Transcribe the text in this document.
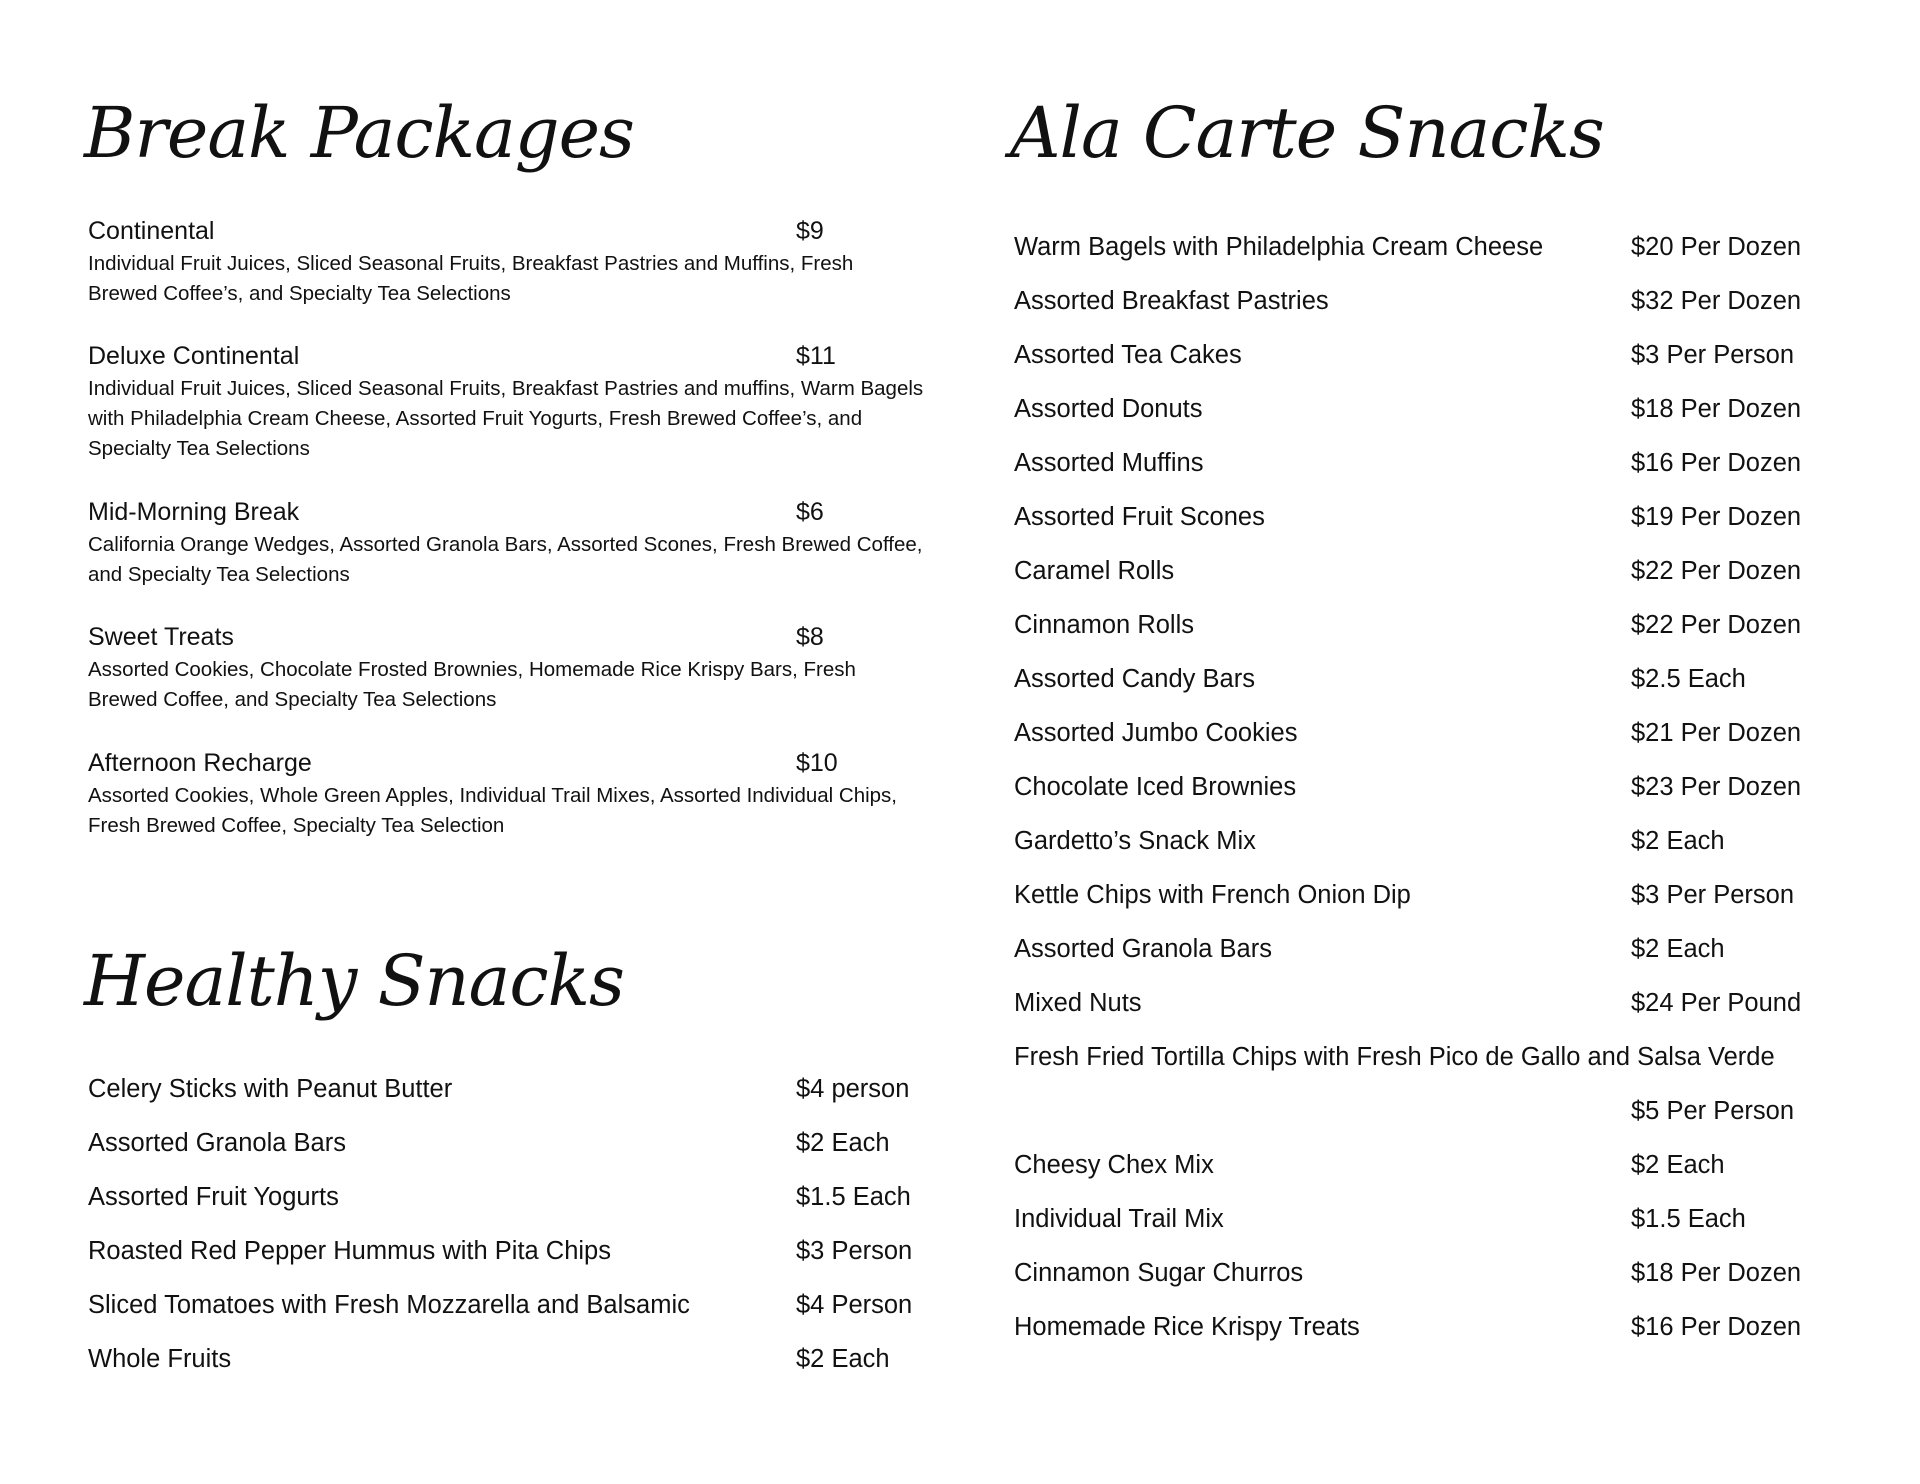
Break Packages
Continental	$9
Individual Fruit Juices, Sliced Seasonal Fruits, Breakfast Pastries and Muffins, Fresh Brewed Coffee’s, and Specialty Tea Selections
Deluxe Continental	$11
Individual Fruit Juices, Sliced Seasonal Fruits, Breakfast Pastries and muffins, Warm Bagels with Philadelphia Cream Cheese, Assorted Fruit Yogurts, Fresh Brewed Coffee’s, and Specialty Tea Selections
Mid-Morning Break	$6
California Orange Wedges, Assorted Granola Bars, Assorted Scones, Fresh Brewed Coffee, and Specialty Tea Selections
Sweet Treats	$8
Assorted Cookies, Chocolate Frosted Brownies, Homemade Rice Krispy Bars, Fresh Brewed Coffee, and Specialty Tea Selections
Afternoon Recharge	$10
Assorted Cookies, Whole Green Apples, Individual Trail Mixes, Assorted Individual Chips, Fresh Brewed Coffee, Specialty Tea Selection
Healthy Snacks
Celery Sticks with Peanut Butter	$4 person
Assorted Granola Bars	$2 Each
Assorted Fruit Yogurts	$1.5 Each
Roasted Red Pepper Hummus with Pita Chips	$3 Person
Sliced Tomatoes with Fresh Mozzarella and Balsamic	$4 Person
Whole Fruits	$2 Each
Ala Carte Snacks
Warm Bagels with Philadelphia Cream Cheese	$20 Per Dozen
Assorted Breakfast Pastries	$32 Per Dozen
Assorted Tea Cakes	$3 Per Person
Assorted Donuts	$18 Per Dozen
Assorted Muffins	$16 Per Dozen
Assorted Fruit Scones	$19 Per Dozen
Caramel Rolls	$22 Per Dozen
Cinnamon Rolls	$22 Per Dozen
Assorted Candy Bars	$2.5 Each
Assorted Jumbo Cookies	$21 Per Dozen
Chocolate Iced Brownies	$23 Per Dozen
Gardetto’s Snack Mix	$2 Each
Kettle Chips with French Onion Dip	$3 Per Person
Assorted Granola Bars	$2 Each
Mixed Nuts	$24 Per Pound
Fresh Fried Tortilla Chips with Fresh Pico de Gallo and Salsa Verde
$5 Per Person
Cheesy Chex Mix	$2 Each
Individual Trail Mix	$1.5 Each
Cinnamon Sugar Churros	$18 Per Dozen
Homemade Rice Krispy Treats	$16 Per Dozen
